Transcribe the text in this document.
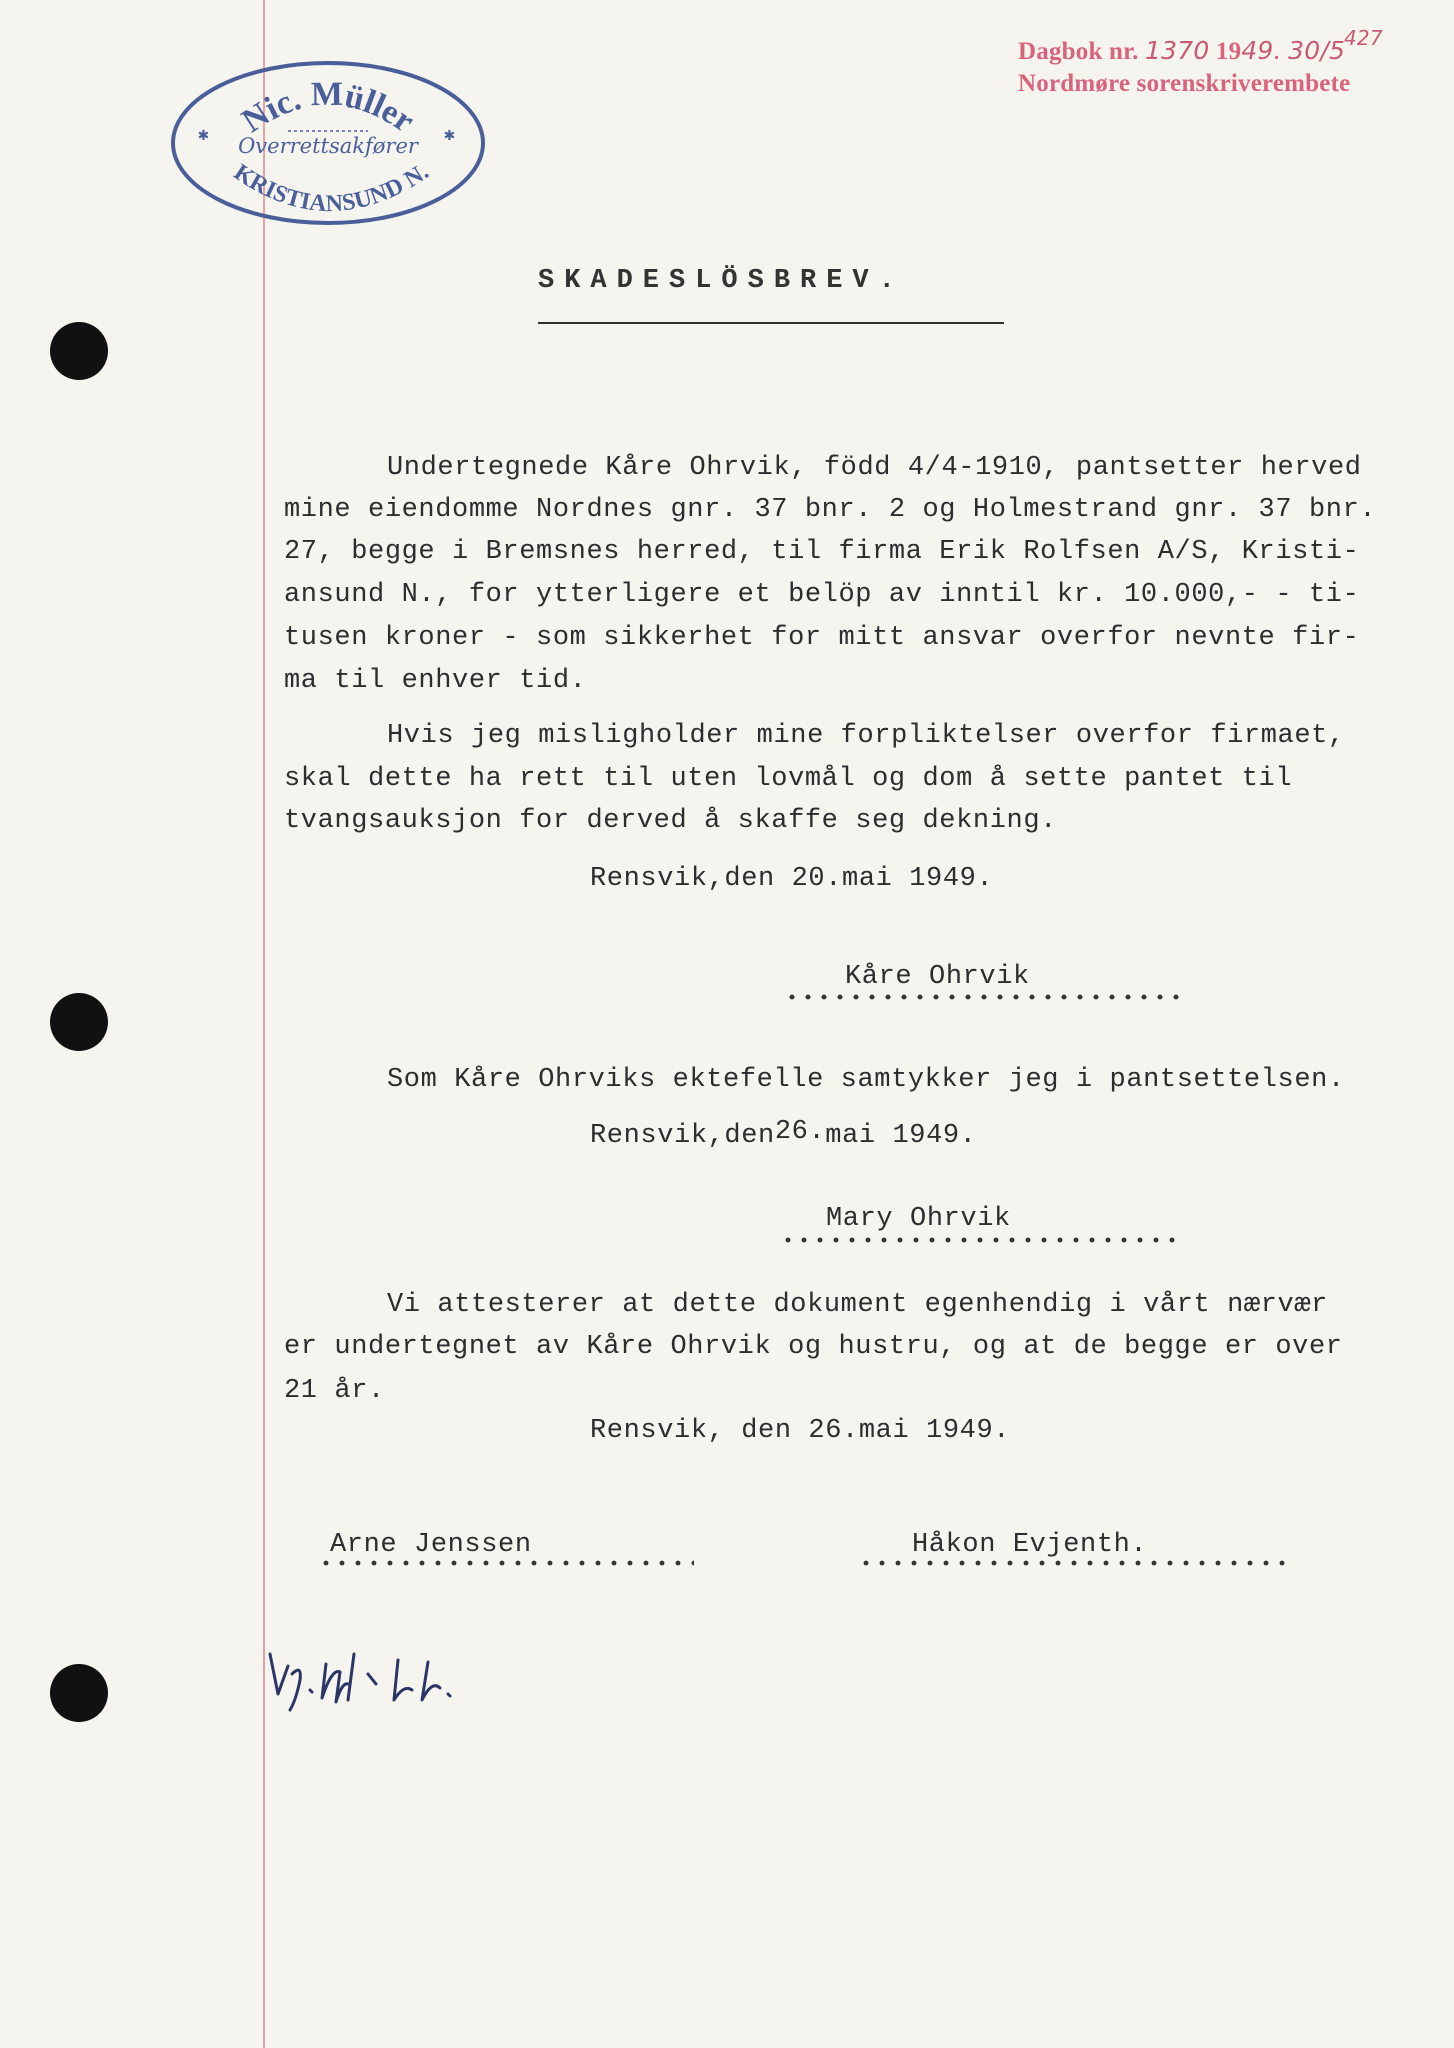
Nic. Müller
Overrettsakfører
KRISTIANSUND N.
✱	✱
Dagbok nr. 1370 1949. 30/5
427
Nordmøre sorenskriverembete
SKADESLÖSBREV.
Undertegnede Kåre Ohrvik, född 4/4-1910, pantsetter herved
mine eiendomme Nordnes gnr. 37 bnr. 2 og Holmestrand gnr. 37 bnr.
27, begge i Bremsnes herred, til firma Erik Rolfsen A/S, Kristi-
ansund N., for ytterligere et belöp av inntil kr. 10.000,- - ti-
tusen kroner - som sikkerhet for mitt ansvar overfor nevnte fir-
ma til enhver tid.
Hvis jeg misligholder mine forpliktelser overfor firmaet,
skal dette ha rett til uten lovmål og dom å sette pantet til
tvangsauksjon for derved å skaffe seg dekning.
Rensvik,den 20.mai 1949.
Kåre Ohrvik
Som Kåre Ohrviks ektefelle samtykker jeg i pantsettelsen.
Rensvik,den26.mai 1949.
Mary Ohrvik
Vi attesterer at dette dokument egenhendig i vårt nærvær
er undertegnet av Kåre Ohrvik og hustru, og at de begge er over
21 år.
Rensvik, den 26.mai 1949.
Arne Jenssen	Håkon Evjenth.
